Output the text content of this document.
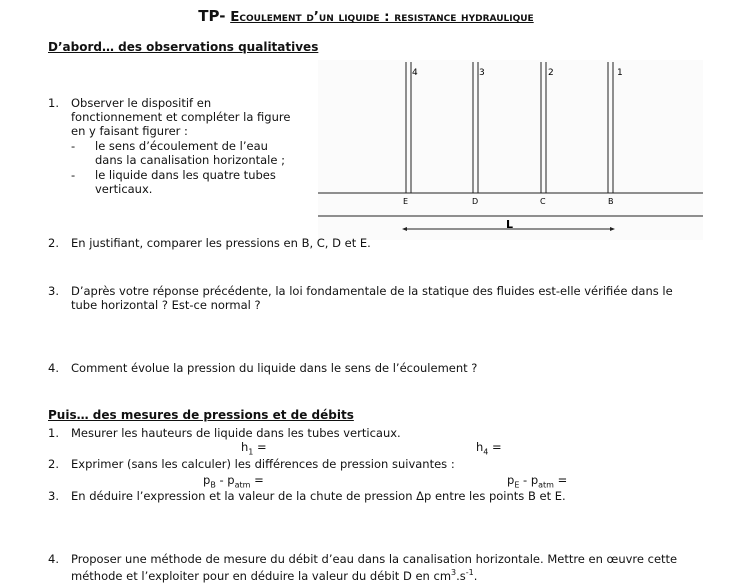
TP- Ecoulement d’un liquide : resistance hydraulique
D’abord… des observations qualitatives
1.	Observer le dispositif en fonctionnement et compléter la figure en y faisant figurer :
- le sens d’écoulement de l’eau dans la canalisation horizontale ;
- le liquide dans les quatre tubes verticaux.
4	3	2	1
E	D	C	B
L
2.	En justifiant, comparer les pressions en B, C, D et E.
3.	D’après votre réponse précédente, la loi fondamentale de la statique des fluides est-elle vérifiée dans le tube horizontal ? Est-ce normal ?
4.	Comment évolue la pression du liquide dans le sens de l’écoulement ?
Puis… des mesures de pressions et de débits
1.	Mesurer les hauteurs de liquide dans les tubes verticaux.
$h_1$ =	$h_4$ =
2.	Exprimer (sans les calculer) les différences de pression suivantes :
$p_B - p_{atm}$ =	$p_E - p_{atm}$ =
3.	En déduire l’expression et la valeur de la chute de pression Δp entre les points B et E.
4.	Proposer une méthode de mesure du débit d’eau dans la canalisation horizontale. Mettre en œuvre cette méthode et l’exploiter pour en déduire la valeur du débit D en $cm^3.s^{-1}$.
